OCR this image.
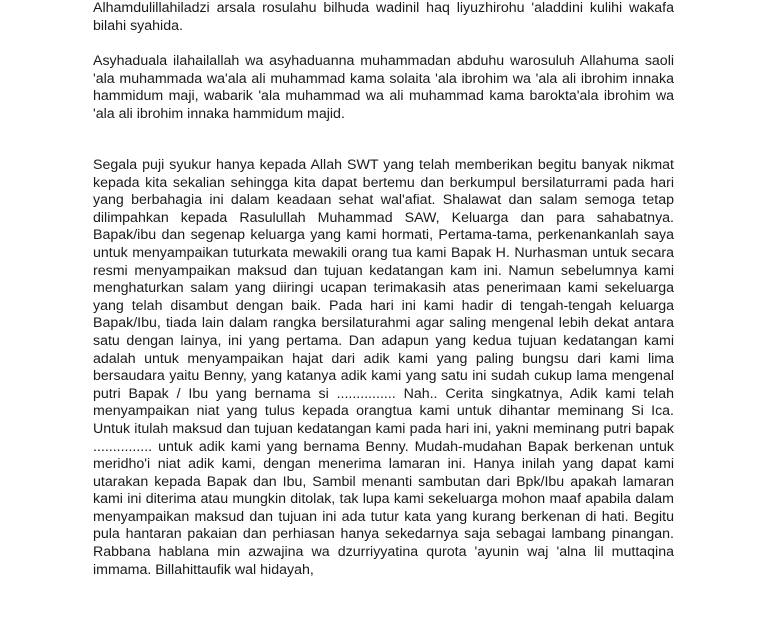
Alhamdulillahiladzi arsala rosulahu bilhuda wadinil haq liyuzhirohu 'aladdini kulihi wakafa bilahi syahida.

Asyhaduala ilahailallah wa asyhaduanna muhammadan abduhu warosuluh Allahuma saoli 'ala muhammada wa'ala ali muhammad kama solaita 'ala ibrohim wa 'ala ali ibrohim innaka hammidum maji, wabarik 'ala muhammad wa ali muhammad kama barokta'ala ibrohim wa 'ala ali ibrohim innaka hammidum majid.

Segala puji syukur hanya kepada Allah SWT yang telah memberikan begitu banyak nikmat kepada kita sekalian sehingga kita dapat bertemu dan berkumpul bersilaturrami pada hari yang berbahagia ini dalam keadaan sehat wal'afiat. Shalawat dan salam semoga tetap dilimpahkan kepada Rasulullah Muhammad SAW, Keluarga dan para sahabatnya. Bapak/ibu dan segenap keluarga yang kami hormati, Pertama-tama, perkenankanlah saya untuk menyampaikan tuturkata mewakili orang tua kami Bapak H. Nurhasman untuk secara resmi menyampaikan maksud dan tujuan kedatangan kam ini. Namun sebelumnya kami menghaturkan salam yang diiringi ucapan terimakasih atas penerimaan kami sekeluarga yang telah disambut dengan baik. Pada hari ini kami hadir di tengah-tengah keluarga Bapak/Ibu, tiada lain dalam rangka bersilaturahmi agar saling mengenal lebih dekat antara satu dengan lainya, ini yang pertama. Dan adapun yang kedua tujuan kedatangan kami adalah untuk menyampaikan hajat dari adik kami yang paling bungsu dari kami lima bersaudara yaitu Benny, yang katanya adik kami yang satu ini sudah cukup lama mengenal putri Bapak / Ibu yang bernama si ............... Nah.. Cerita singkatnya, Adik kami telah menyampaikan niat yang tulus kepada orangtua kami untuk dihantar meminang Si Ica. Untuk itulah maksud dan tujuan kedatangan kami pada hari ini, yakni meminang putri bapak ............... untuk adik kami yang bernama Benny. Mudah-mudahan Bapak berkenan untuk meridho'i niat adik kami, dengan menerima lamaran ini. Hanya inilah yang dapat kami utarakan kepada Bapak dan Ibu, Sambil menanti sambutan dari Bpk/Ibu apakah lamaran kami ini diterima atau mungkin ditolak, tak lupa kami sekeluarga mohon maaf apabila dalam menyampaikan maksud dan tujuan ini ada tutur kata yang kurang berkenan di hati. Begitu pula hantaran pakaian dan perhiasan hanya sekedarnya saja sebagai lambang pinangan. Rabbana hablana min azwajina wa dzurriyyatina qurota 'ayunin waj 'alna lil muttaqina immama. Billahittaufik wal hidayah,
